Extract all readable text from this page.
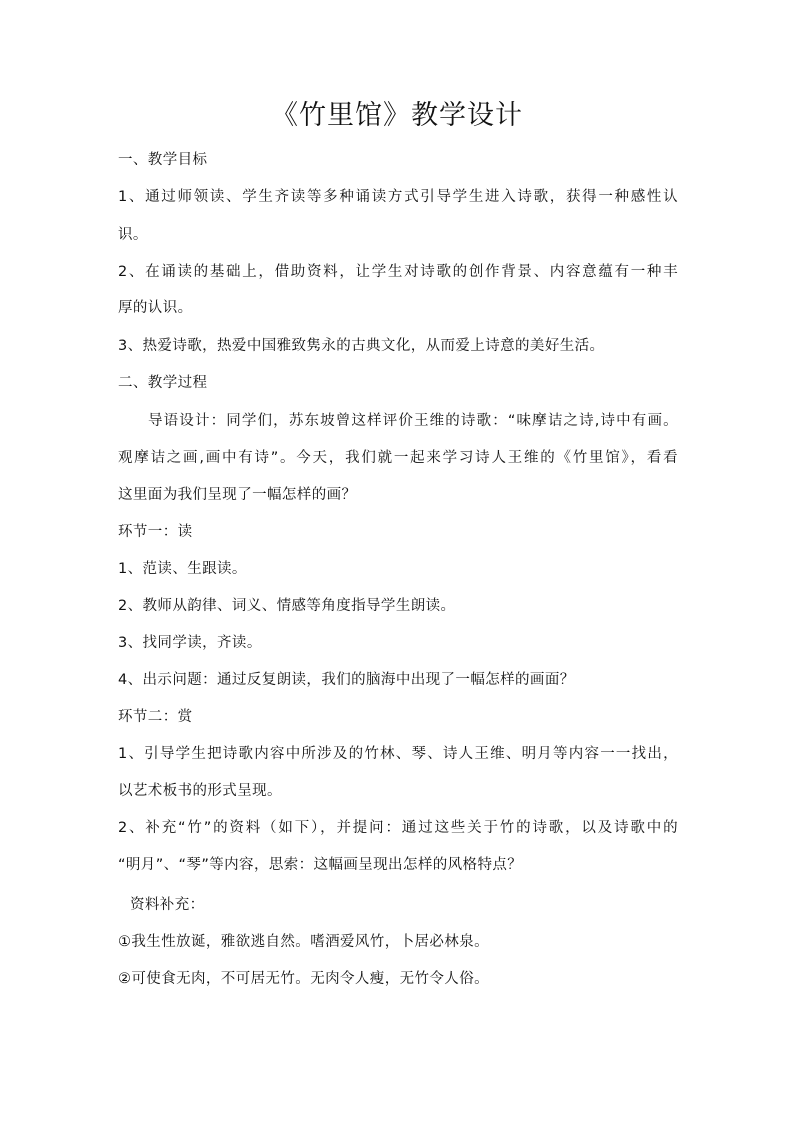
《竹里馆》教学设计
一、教学目标
1、通过师领读、学生齐读等多种诵读方式引导学生进入诗歌，获得一种感性认
识。
2、在诵读的基础上，借助资料，让学生对诗歌的创作背景、内容意蕴有一种丰
厚的认识。
3、热爱诗歌，热爱中国雅致隽永的古典文化，从而爱上诗意的美好生活。
二、教学过程
导语设计：同学们，苏东坡曾这样评价王维的诗歌：“味摩诘之诗,诗中有画。
观摩诘之画,画中有诗”。今天，我们就一起来学习诗人王维的《竹里馆》，看看
这里面为我们呈现了一幅怎样的画？
环节一：读
1、范读、生跟读。
2、教师从韵律、词义、情感等角度指导学生朗读。
3、找同学读，齐读。
4、出示问题：通过反复朗读，我们的脑海中出现了一幅怎样的画面？
环节二：赏
1、引导学生把诗歌内容中所涉及的竹林、琴、诗人王维、明月等内容一一找出，
以艺术板书的形式呈现。
2、补充“竹”的资料（如下），并提问：通过这些关于竹的诗歌，以及诗歌中的
“明月”、“琴”等内容，思索：这幅画呈现出怎样的风格特点？
资料补充：
①我生性放诞，雅欲逃自然。嗜酒爱风竹，卜居必林泉。
②可使食无肉，不可居无竹。无肉令人瘦，无竹令人俗。
